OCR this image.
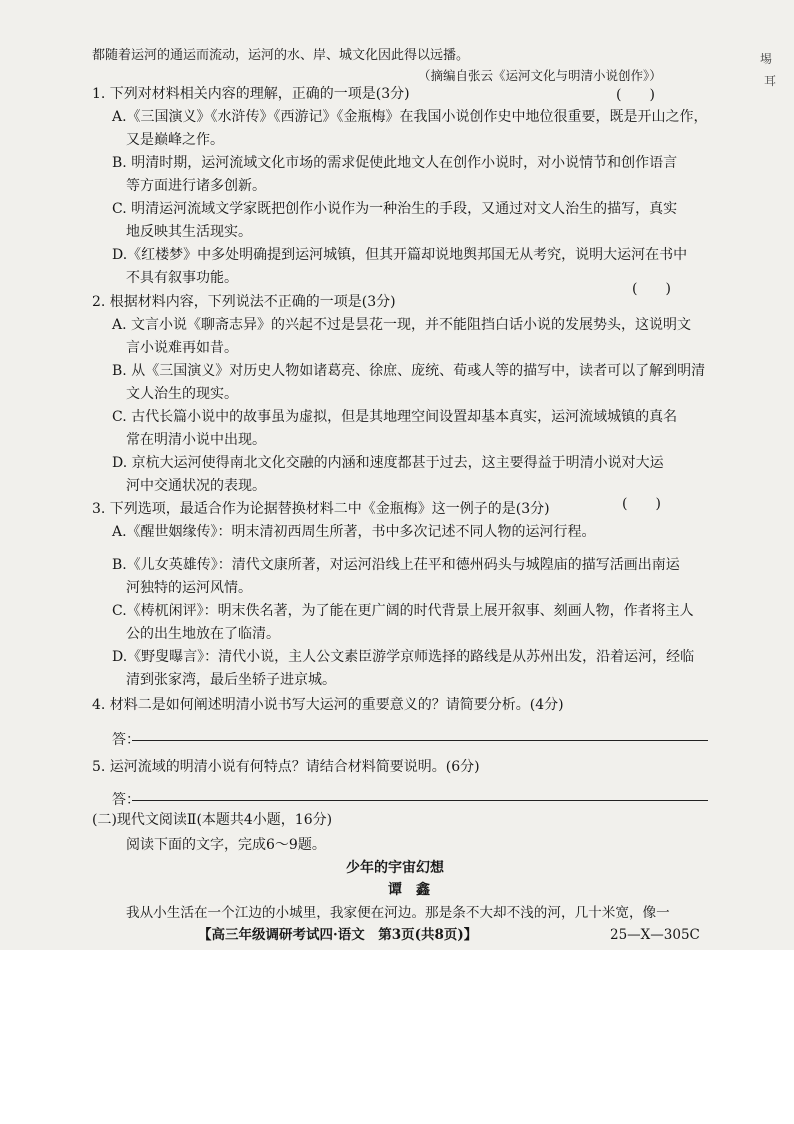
都随着运河的通运而流动，运河的水、岸、城文化因此得以远播。
（摘编自张云《运河文化与明清小说创作》）
埸
耳
1. 下列对材料相关内容的理解，正确的一项是(3分)	(　　)
A.《三国演义》《水浒传》《西游记》《金瓶梅》在我国小说创作史中地位很重要，既是开山之作，
又是巅峰之作。
B. 明清时期，运河流域文化市场的需求促使此地文人在创作小说时，对小说情节和创作语言
等方面进行诸多创新。
C. 明清运河流域文学家既把创作小说作为一种治生的手段，又通过对文人治生的描写，真实
地反映其生活现实。
D.《红楼梦》中多处明确提到运河城镇，但其开篇却说地舆邦国无从考究，说明大运河在书中
不具有叙事功能。
(　　)
2. 根据材料内容，下列说法不正确的一项是(3分)
A. 文言小说《聊斋志异》的兴起不过是昙花一现，并不能阻挡白话小说的发展势头，这说明文
言小说难再如昔。
B. 从《三国演义》对历史人物如诸葛亮、徐庶、庞统、荀彧人等的描写中，读者可以了解到明清
文人治生的现实。
C. 古代长篇小说中的故事虽为虚拟，但是其地理空间设置却基本真实，运河流域城镇的真名
常在明清小说中出现。
D. 京杭大运河使得南北文化交融的内涵和速度都甚于过去，这主要得益于明清小说对大运
河中交通状况的表现。
3. 下列选项，最适合作为论据替换材料二中《金瓶梅》这一例子的是(3分)	(　　)
A.《醒世姻缘传》：明末清初西周生所著，书中多次记述不同人物的运河行程。
B.《儿女英雄传》：清代文康所著，对运河沿线上茌平和德州码头与城隍庙的描写活画出南运
河独特的运河风情。
C.《梼杌闲评》：明末佚名著，为了能在更广阔的时代背景上展开叙事、刻画人物，作者将主人
公的出生地放在了临清。
D.《野叟曝言》：清代小说，主人公文素臣游学京师选择的路线是从苏州出发，沿着运河，经临
清到张家湾，最后坐轿子进京城。
4. 材料二是如何阐述明清小说书写大运河的重要意义的？请简要分析。(4分)
答：
5. 运河流域的明清小说有何特点？请结合材料简要说明。(6分)
答：
(二)现代文阅读Ⅱ(本题共4小题，16分)
阅读下面的文字，完成6～9题。
少年的宇宙幻想
谭　鑫
我从小生活在一个江边的小城里，我家便在河边。那是条不大却不浅的河，几十米宽，像一
【高三年级调研考试四·语文　第3页(共8页)】	25—X—305C
